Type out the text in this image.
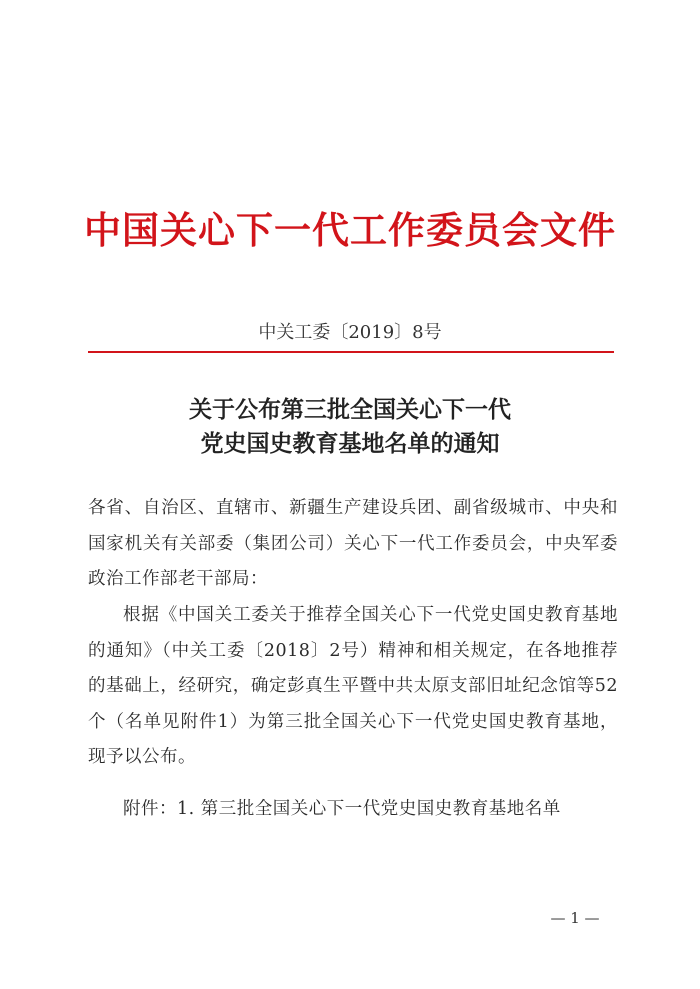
中国关心下一代工作委员会文件
中关工委〔2019〕8号
关于公布第三批全国关心下一代
党史国史教育基地名单的通知
各省、自治区、直辖市、新疆生产建设兵团、副省级城市、中央和国家机关有关部委（集团公司）关心下一代工作委员会，中央军委政治工作部老干部局：
根据《中国关工委关于推荐全国关心下一代党史国史教育基地的通知》（中关工委〔2018〕2号）精神和相关规定，在各地推荐的基础上，经研究，确定彭真生平暨中共太原支部旧址纪念馆等52个（名单见附件1）为第三批全国关心下一代党史国史教育基地，现予以公布。
附件：1. 第三批全国关心下一代党史国史教育基地名单
— 1 —
